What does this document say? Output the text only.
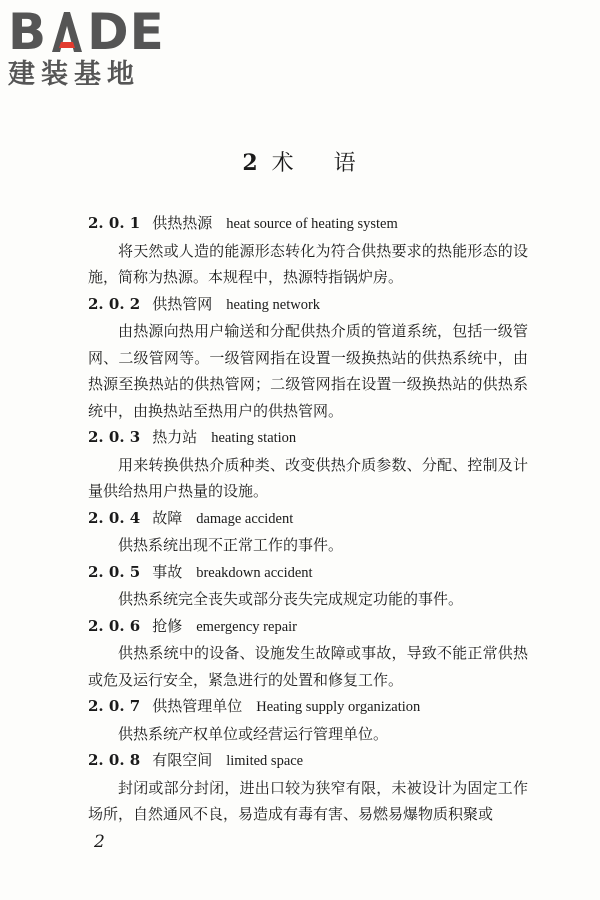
B DE
建装基地
2 术 语
2. 0. 1 供热热源 heat source of heating system

将天然或人造的能源形态转化为符合供热要求的热能形态的设施，简称为热源。本规程中，热源特指锅炉房。

2. 0. 2 供热管网 heating network

由热源向热用户输送和分配供热介质的管道系统，包括一级管网、二级管网等。一级管网指在设置一级换热站的供热系统中，由热源至换热站的供热管网；二级管网指在设置一级换热站的供热系统中，由换热站至热用户的供热管网。

2. 0. 3 热力站 heating station

用来转换供热介质种类、改变供热介质参数、分配、控制及计量供给热用户热量的设施。

2. 0. 4 故障 damage accident

供热系统出现不正常工作的事件。

2. 0. 5 事故 breakdown accident

供热系统完全丧失或部分丧失完成规定功能的事件。

2. 0. 6 抢修 emergency repair

供热系统中的设备、设施发生故障或事故，导致不能正常供热或危及运行安全，紧急进行的处置和修复工作。

2. 0. 7 供热管理单位 Heating supply organization

供热系统产权单位或经营运行管理单位。

2. 0. 8 有限空间 limited space

封闭或部分封闭，进出口较为狭窄有限，未被设计为固定工作场所，自然通风不良，易造成有毒有害、易燃易爆物质积聚或

2
